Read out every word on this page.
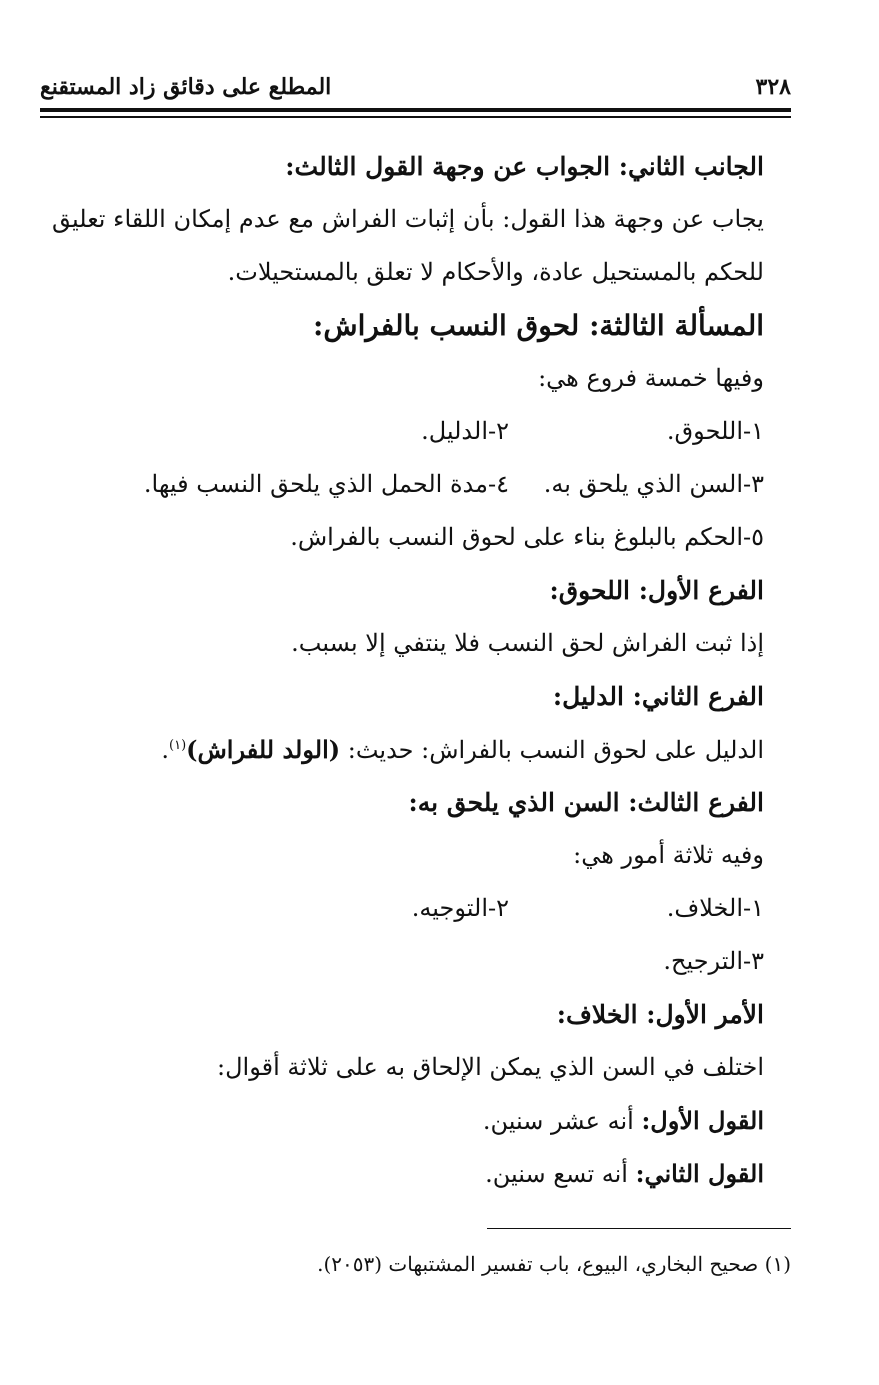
٣٢٨
المطلع على دقائق زاد المستقنع
الجانب الثاني: الجواب عن وجهة القول الثالث:
يجاب عن وجهة هذا القول: بأن إثبات الفراش مع عدم إمكان اللقاء تعليق
للحكم بالمستحيل عادة، والأحكام لا تعلق بالمستحيلات.
المسألة الثالثة: لحوق النسب بالفراش:
وفيها خمسة فروع هي:
١-اللحوق.
٢-الدليل.
٣-السن الذي يلحق به.
٤-مدة الحمل الذي يلحق النسب فيها.
٥-الحكم بالبلوغ بناء على لحوق النسب بالفراش.
الفرع الأول: اللحوق:
إذا ثبت الفراش لحق النسب فلا ينتفي إلا بسبب.
الفرع الثاني: الدليل:
الدليل على لحوق النسب بالفراش: حديث: (الولد للفراش)$^{(١)}$.
الفرع الثالث: السن الذي يلحق به:
وفيه ثلاثة أمور هي:
١-الخلاف.
٢-التوجيه.
٣-الترجيح.
الأمر الأول: الخلاف:
اختلف في السن الذي يمكن الإلحاق به على ثلاثة أقوال:
القول الأول: أنه عشر سنين.
القول الثاني: أنه تسع سنين.
(١) صحيح البخاري، البيوع، باب تفسير المشتبهات (٢٠٥٣).
